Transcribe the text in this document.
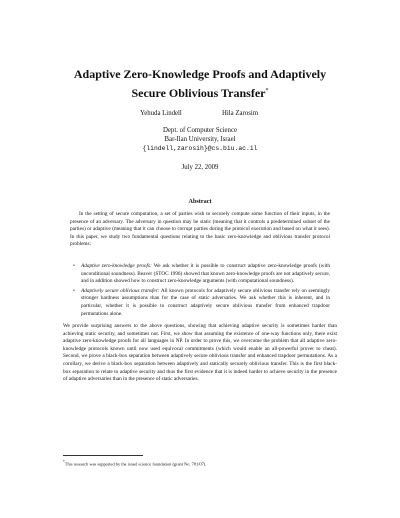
Adaptive Zero-Knowledge Proofs and Adaptively
Secure Oblivious Transfer*
Yehuda Lindell	Hila Zarosim
Dept. of Computer Science
Bar-Ilan University, Israel
{lindell,zarosih}@cs.biu.ac.il
July 22, 2009
Abstract
In the setting of secure computation, a set of parties wish to securely compute some function of their inputs, in the presence of an adversary. The adversary in question may be static (meaning that it controls a predetermined subset of the parties) or adaptive (meaning that it can choose to corrupt parties during the protocol execution and based on what it sees). In this paper, we study two fundamental questions relating to the basic zero-knowledge and oblivious transfer protocol problems:
• Adaptive zero-knowledge proofs: We ask whether it is possible to construct adaptive zero-knowledge proofs (with unconditional soundness). Beaver (STOC 1996) showed that known zero-knowledge proofs are not adaptively secure, and in addition showed how to construct zero-knowledge arguments (with computational soundness).
• Adaptively secure oblivious transfer: All known protocols for adaptively secure oblivious transfer rely on seemingly stronger hardness assumptions than for the case of static adversaries. We ask whether this is inherent, and in particular, whether it is possible to construct adaptively secure oblivious transfer from enhanced trapdoor permutations alone.
We provide surprising answers to the above questions, showing that achieving adaptive security is sometimes harder than achieving static security, and sometimes not. First, we show that assuming the existence of one-way functions only, there exist adaptive zero-knowledge proofs for all languages in NP. In order to prove this, we overcome the problem that all adaptive zero-knowledge protocols known until now used equivocal commitments (which would enable an all-powerful prover to cheat). Second, we prove a black-box separation between adaptively secure oblivious transfer and enhanced trapdoor permutations. As a corollary, we derive a black-box separation between adaptively and statically securely oblivious transfer. This is the first black-box separation to relate to adaptive security and thus the first evidence that it is indeed harder to achieve security in the presence of adaptive adversaries than in the presence of static adversaries.
*This research was supported by the israel science foundation (grant No. 781/07).
